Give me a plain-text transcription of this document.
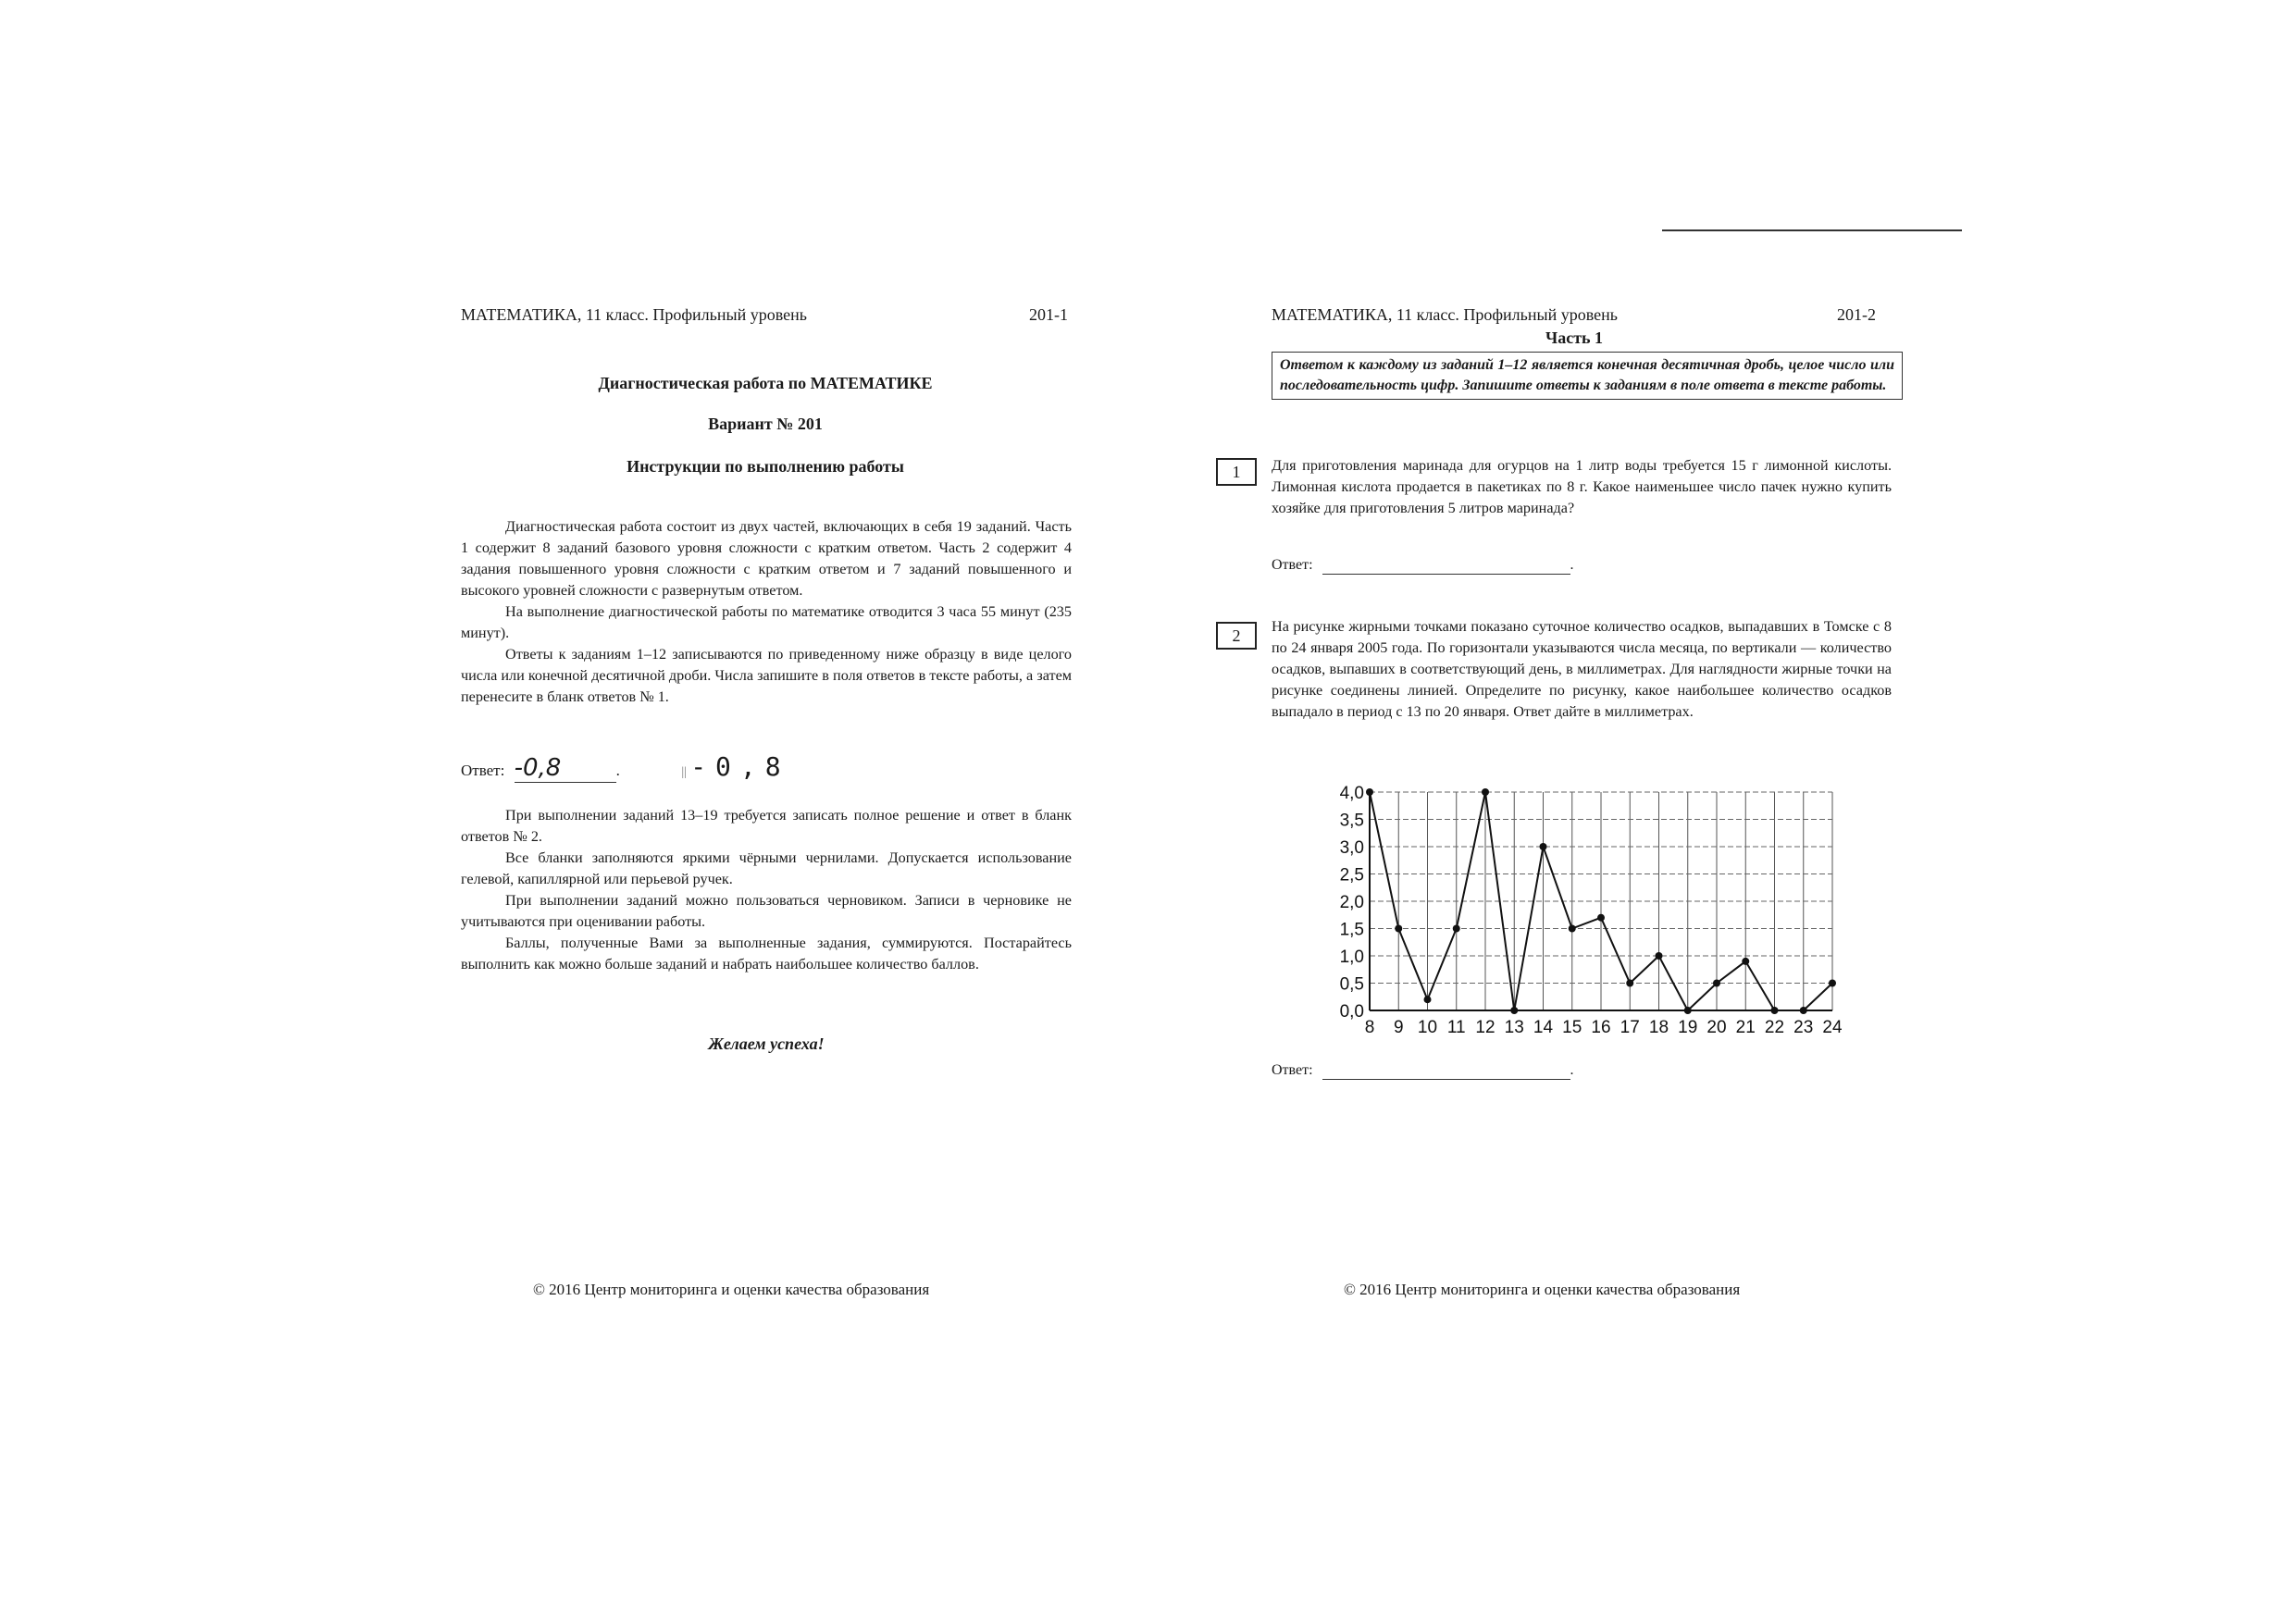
МАТЕМАТИКА, 11 класс. Профильный уровень	201-1
Диагностическая работа по МАТЕМАТИКЕ
Вариант № 201
Инструкции по выполнению работы

Диагностическая работа состоит из двух частей, включающих в себя 19 заданий. Часть 1 содержит 8 заданий базового уровня сложности с кратким ответом. Часть 2 содержит 4 задания повышенного уровня сложности с кратким ответом и 7 заданий повышенного и высокого уровней сложности с развернутым ответом.

На выполнение диагностической работы по математике отводится 3 часа 55 минут (235 минут).

Ответы к заданиям 1–12 записываются по приведенному ниже образцу в виде целого числа или конечной десятичной дроби. Числа запишите в поля ответов в тексте работы, а затем перенесите в бланк ответов № 1.

Ответ: -0,8	.	|| -0,8

При выполнении заданий 13–19 требуется записать полное решение и ответ в бланк ответов № 2.

Все бланки заполняются яркими чёрными чернилами. Допускается использование гелевой, капиллярной или перьевой ручек.

При выполнении заданий можно пользоваться черновиком. Записи в черновике не учитываются при оценивании работы.

Баллы, полученные Вами за выполненные задания, суммируются. Постарайтесь выполнить как можно больше заданий и набрать наибольшее количество баллов.

Желаем успеха!
© 2016 Центр мониторинга и оценки качества образования
МАТЕМАТИКА, 11 класс. Профильный уровень	201-2
Часть 1
Ответом к каждому из заданий 1–12 является конечная десятичная дробь, целое число или последовательность цифр. Запишите ответы к заданиям в поле ответа в тексте работы.
1	Для приготовления маринада для огурцов на 1 литр воды требуется 15 г лимонной кислоты. Лимонная кислота продается в пакетиках по 8 г. Какое наименьшее число пачек нужно купить хозяйке для приготовления 5 литров маринада?
Ответ:	.
2	На рисунке жирными точками показано суточное количество осадков, выпадавших в Томске с 8 по 24 января 2005 года. По горизонтали указываются числа месяца, по вертикали — количество осадков, выпавших в соответствующий день, в миллиметрах. Для наглядности жирные точки на рисунке соединены линией. Определите по рисунку, какое наибольшее количество осадков выпадало в период с 13 по 20 января. Ответ дайте в миллиметрах.
8 9 10 11 12 13 14 15 16 17 18 19 20 21 22 23 24
0,0
0,5
1,0
1,5
2,0
2,5
3,0
3,5
4,0
Ответ:	.
© 2016 Центр мониторинга и оценки качества образования
